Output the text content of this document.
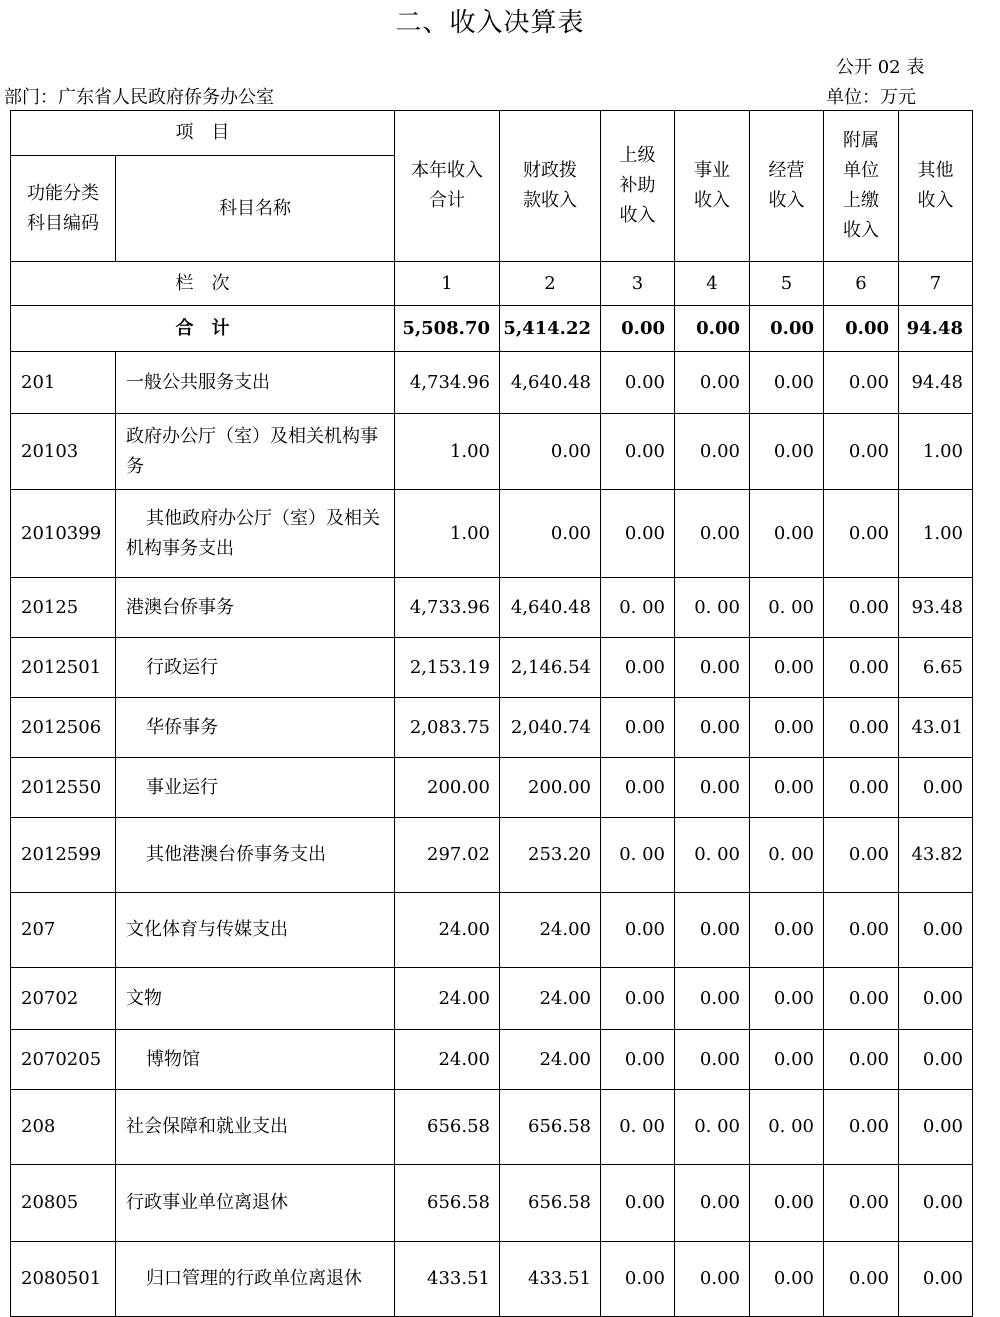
二、收入决算表
公开 02 表
部门：广东省人民政府侨务办公室	单位：万元
项　目		本年收入合计	财政拨款收入	上级补助收入	事业收入	经营收入	附属单位上缴收入	其他收入

功能分类科目编码	科目名称							
栏　次		1	2	3	4	5	6	7
合　计		5,508.70	5,414.22	0.00	0.00	0.00	0.00	94.48
201	一般公共服务支出	4,734.96	4,640.48	0.00	0.00	0.00	0.00	94.48
20103	政府办公厅（室）及相关机构事务	1.00	0.00	0.00	0.00	0.00	0.00	1.00
2010399	其他政府办公厅（室）及相关机构事务支出	1.00	0.00	0.00	0.00	0.00	0.00	1.00
20125	港澳台侨事务	4,733.96	4,640.48	0. 00	0. 00	0. 00	0.00	93.48
2012501	行政运行	2,153.19	2,146.54	0.00	0.00	0.00	0.00	6.65
2012506	华侨事务	2,083.75	2,040.74	0.00	0.00	0.00	0.00	43.01
2012550	事业运行	200.00	200.00	0.00	0.00	0.00	0.00	0.00
2012599	其他港澳台侨事务支出	297.02	253.20	0. 00	0. 00	0. 00	0.00	43.82
207	文化体育与传媒支出	24.00	24.00	0.00	0.00	0.00	0.00	0.00
20702	文物	24.00	24.00	0.00	0.00	0.00	0.00	0.00
2070205	博物馆	24.00	24.00	0.00	0.00	0.00	0.00	0.00
208	社会保障和就业支出	656.58	656.58	0. 00	0. 00	0. 00	0.00	0.00
20805	行政事业单位离退休	656.58	656.58	0.00	0.00	0.00	0.00	0.00
2080501	归口管理的行政单位离退休	433.51	433.51	0.00	0.00	0.00	0.00	0.00
